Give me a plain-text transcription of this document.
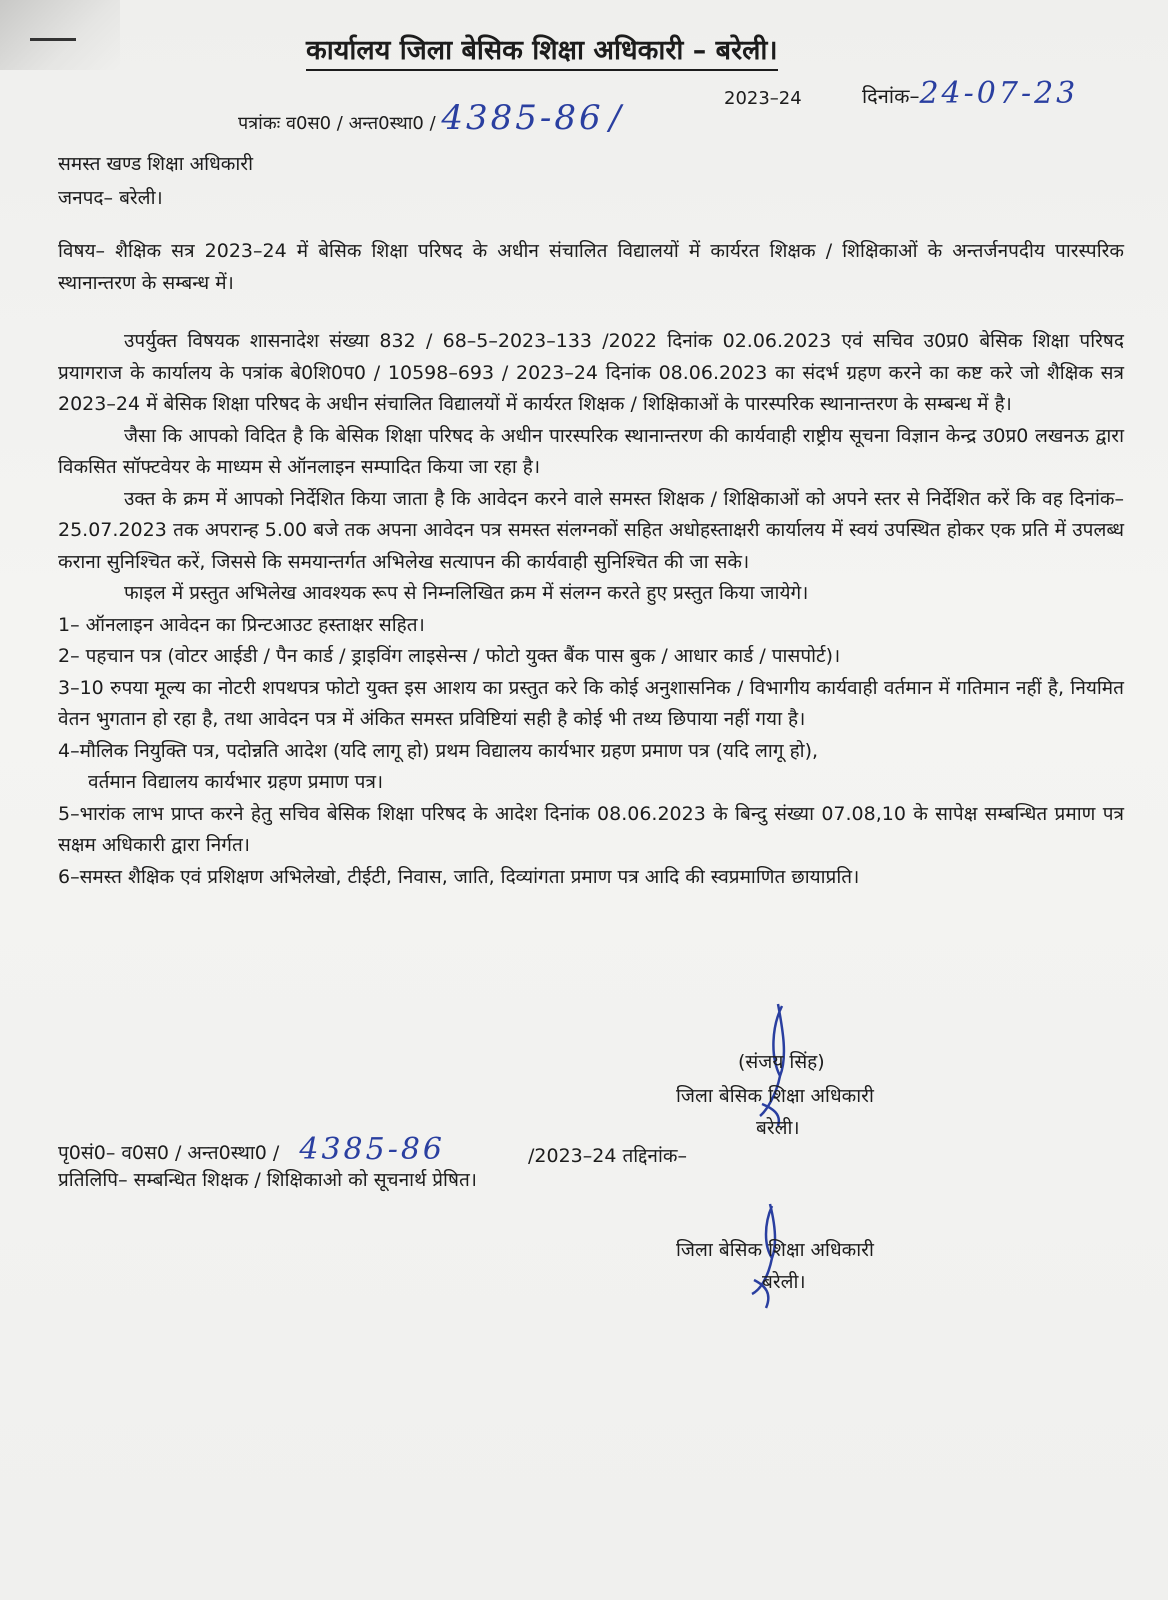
कार्यालय जिला बेसिक शिक्षा अधिकारी – बरेली।
पत्रांकः व0स0 / अन्त0स्था0 / 4385-86 /	2023–24	दिनांक–24-07-23
समस्त खण्ड शिक्षा अधिकारी
जनपद– बरेली।

विषय– शैक्षिक सत्र 2023–24 में बेसिक शिक्षा परिषद के अधीन संचालित विद्यालयों में कार्यरत शिक्षक / शिक्षिकाओं के अन्तर्जनपदीय पारस्परिक स्थानान्तरण के सम्बन्ध में।

उपर्युक्त विषयक शासनादेश संख्या 832 / 68–5–2023–133 /2022 दिनांक 02.06.2023 एवं सचिव उ0प्र0 बेसिक शिक्षा परिषद प्रयागराज के कार्यालय के पत्रांक बे0शि0प0 / 10598–693 / 2023–24 दिनांक 08.06.2023 का संदर्भ ग्रहण करने का कष्ट करे जो शैक्षिक सत्र 2023–24 में बेसिक शिक्षा परिषद के अधीन संचालित विद्यालयों में कार्यरत शिक्षक / शिक्षिकाओं के पारस्परिक स्थानान्तरण के सम्बन्ध में है।

जैसा कि आपको विदित है कि बेसिक शिक्षा परिषद के अधीन पारस्परिक स्थानान्तरण की कार्यवाही राष्ट्रीय सूचना विज्ञान केन्द्र उ0प्र0 लखनऊ द्वारा विकसित सॉफ्टवेयर के माध्यम से ऑनलाइन सम्पादित किया जा रहा है।

उक्त के क्रम में आपको निर्देशित किया जाता है कि आवेदन करने वाले समस्त शिक्षक / शिक्षिकाओं को अपने स्तर से निर्देशित करें कि वह दिनांक– 25.07.2023 तक अपरान्ह 5.00 बजे तक अपना आवेदन पत्र समस्त संलग्नकों सहित अधोहस्ताक्षरी कार्यालय में स्वयं उपस्थित होकर एक प्रति में उपलब्ध कराना सुनिश्चित करें, जिससे कि समयान्तर्गत अभिलेख सत्यापन की कार्यवाही सुनिश्चित की जा सके।

फाइल में प्रस्तुत अभिलेख आवश्यक रूप से निम्नलिखित क्रम में संलग्न करते हुए प्रस्तुत किया जायेगे।

1– ऑनलाइन आवेदन का प्रिन्टआउट हस्ताक्षर सहित।

2– पहचान पत्र (वोटर आईडी / पैन कार्ड / ड्राइविंग लाइसेन्स / फोटो युक्त बैंक पास बुक / आधार कार्ड / पासपोर्ट)।

3–10 रुपया मूल्य का नोटरी शपथपत्र फोटो युक्त इस आशय का प्रस्तुत करे कि कोई अनुशासनिक / विभागीय कार्यवाही वर्तमान में गतिमान नहीं है, नियमित वेतन भुगतान हो रहा है, तथा आवेदन पत्र में अंकित समस्त प्रविष्टियां सही है कोई भी तथ्य छिपाया नहीं गया है।

4–मौलिक नियुक्ति पत्र, पदोन्नति आदेश (यदि लागू हो) प्रथम विद्यालय कार्यभार ग्रहण प्रमाण पत्र (यदि लागू हो),

वर्तमान विद्यालय कार्यभार ग्रहण प्रमाण पत्र।

5–भारांक लाभ प्राप्त करने हेतु सचिव बेसिक शिक्षा परिषद के आदेश दिनांक 08.06.2023 के बिन्दु संख्या 07.08,10 के सापेक्ष सम्बन्धित प्रमाण पत्र सक्षम अधिकारी द्वारा निर्गत।

6–समस्त शैक्षिक एवं प्रशिक्षण अभिलेखो, टीईटी, निवास, जाति, दिव्यांगता प्रमाण पत्र आदि की स्वप्रमाणित छायाप्रति।

(संजय सिंह)
जिला बेसिक शिक्षा अधिकारी
बरेली।
पृ0सं0– व0स0 / अन्त0स्था0 / 4385-86	/2023–24 तद्दिनांक–
प्रतिलिपि– सम्बन्धित शिक्षक / शिक्षिकाओ को सूचनार्थ प्रेषित।
जिला बेसिक शिक्षा अधिकारी
बरेली।
